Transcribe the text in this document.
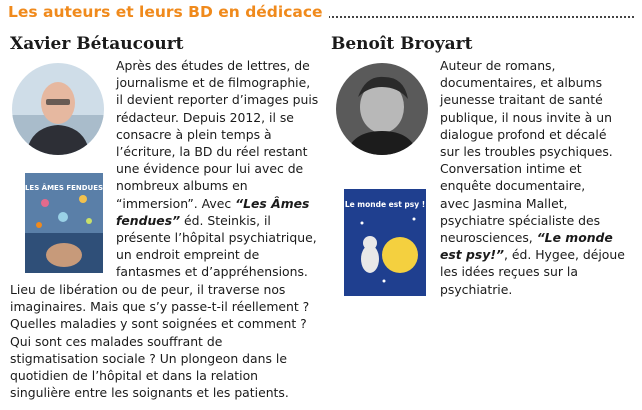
Les auteurs et leurs BD en dédicace
Xavier Bétaucourt
LES ÂMES FENDUES
Après des études de lettres, de
journalisme et de filmographie,
il devient reporter d’images puis
rédacteur. Depuis 2012, il se
consacre à plein temps à
l’écriture, la BD du réel restant
une évidence pour lui avec de
nombreux albums en
“immersion”. Avec “Les Âmes
fendues” éd. Steinkis, il
présente l’hôpital psychiatrique,
un endroit empreint de
fantasmes et d’appréhensions.
Lieu de libération ou de peur, il traverse nos
imaginaires. Mais que s’y passe-t-il réellement ?
Quelles maladies y sont soignées et comment ?
Qui sont ces malades souffrant de
stigmatisation sociale ? Un plongeon dans le
quotidien de l’hôpital et dans la relation
singulière entre les soignants et les patients.
Benoît Broyart
Le monde est psy !
Auteur de romans,
documentaires, et albums
jeunesse traitant de santé
publique, il nous invite à un
dialogue profond et décalé
sur les troubles psychiques.
Conversation intime et
enquête documentaire,
avec Jasmina Mallet,
psychiatre spécialiste des
neurosciences, “Le monde
est psy!”, éd. Hygee, déjoue
les idées reçues sur la
psychiatrie.
